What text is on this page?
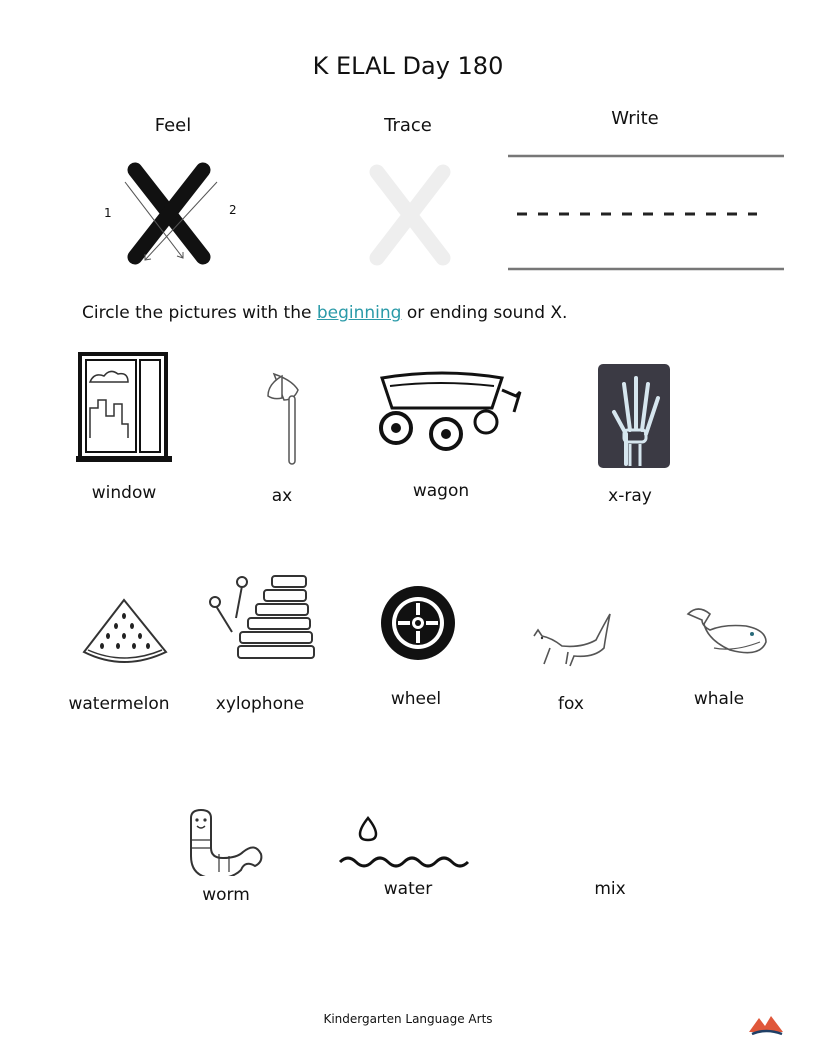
K ELAL Day 180
Feel	Trace	Write
1	2
Circle the pictures with the beginning or ending sound X.
window	ax	wagon	x-ray
watermelon	xylophone	wheel	fox	whale
worm	water	mix
Kindergarten Language Arts
